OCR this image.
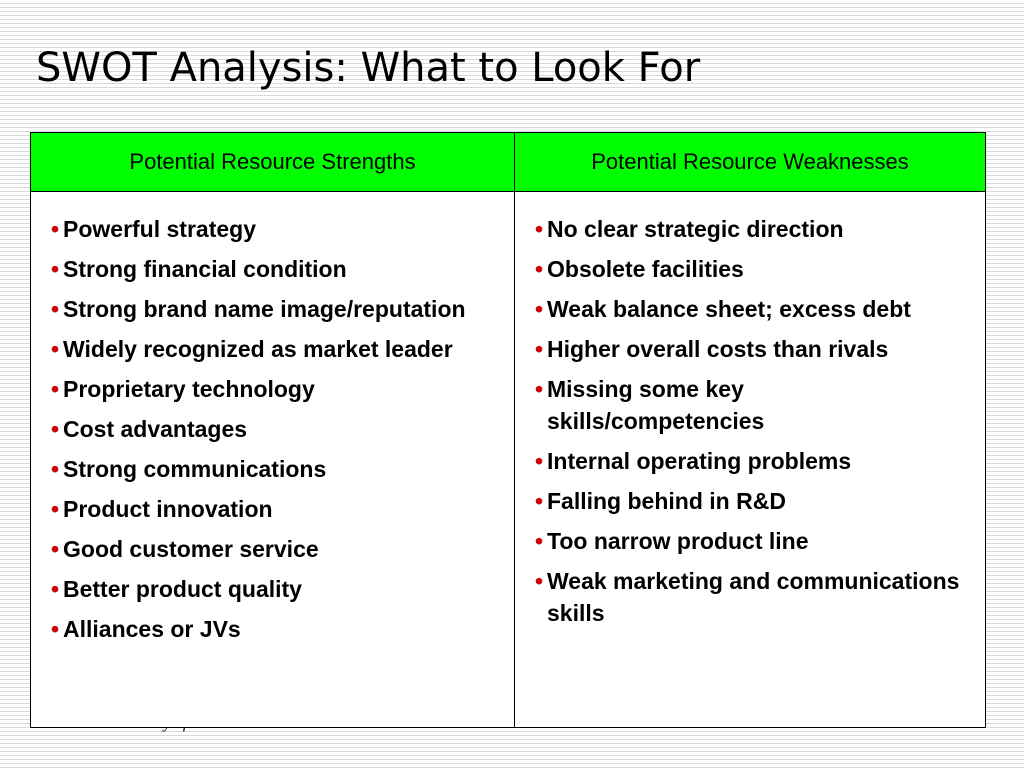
SWOT Analysis: What to Look For
Potential Resource Strengths	Potential Resource Weaknesses
• Powerful strategy
• Strong financial condition
• Strong brand name image/reputation
• Widely recognized as market leader
• Proprietary technology
• Cost advantages
• Strong communications
• Product innovation
• Good customer service
• Better product quality
• Alliances or JVs
• No clear strategic direction
• Obsolete facilities
• Weak balance sheet; excess debt
• Higher overall costs than rivals
• Missing some key skills/competencies
• Internal operating problems
• Falling behind in R&D
• Too narrow product line
• Weak marketing and communications skills
